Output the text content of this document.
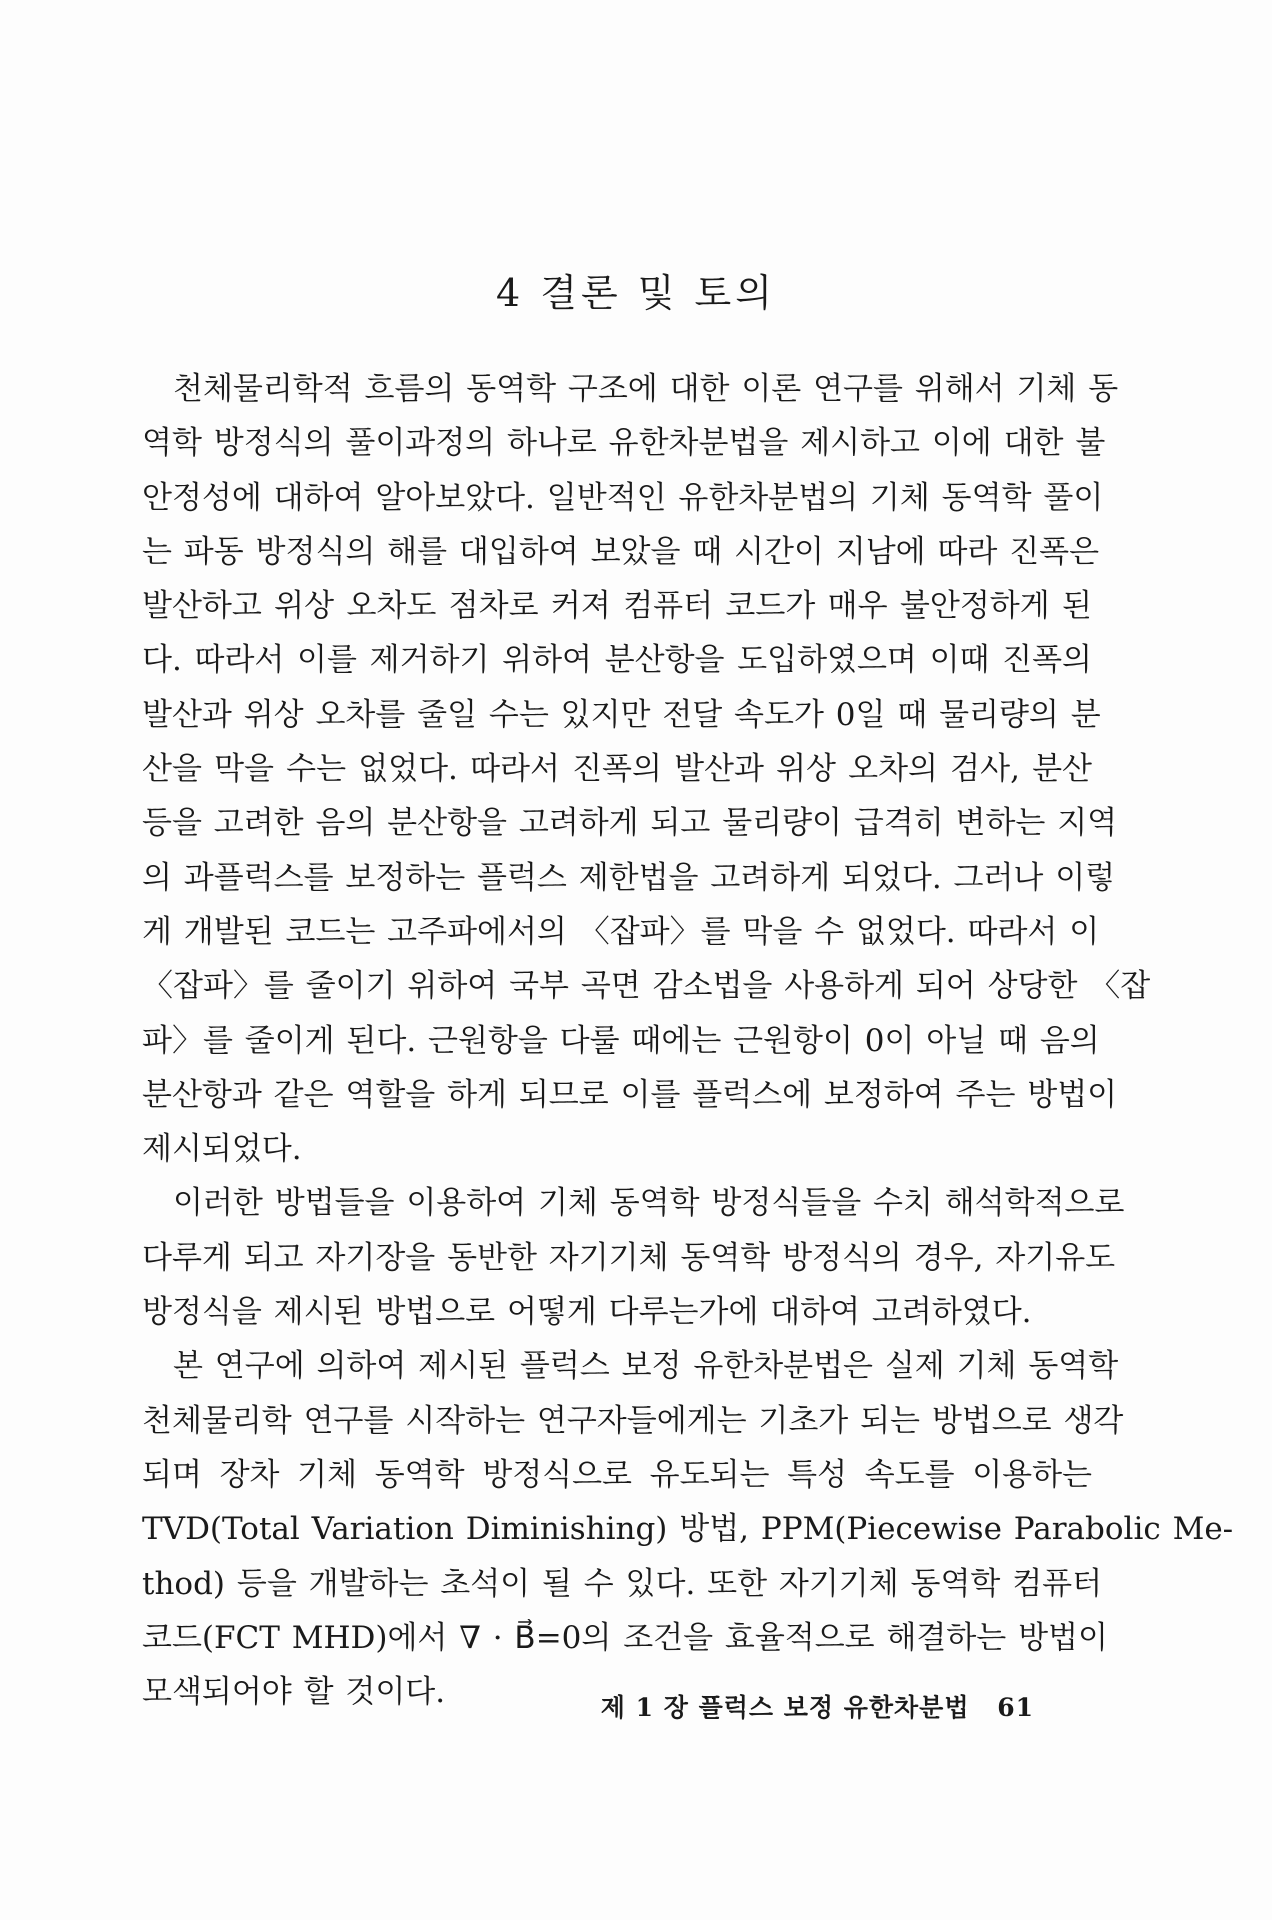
4 결론 및 토의

　천체물리학적 흐름의 동역학 구조에 대한 이론 연구를 위해서 기체 동
역학 방정식의 풀이과정의 하나로 유한차분법을 제시하고 이에 대한 불
안정성에 대하여 알아보았다. 일반적인 유한차분법의 기체 동역학 풀이
는 파동 방정식의 해를 대입하여 보았을 때 시간이 지남에 따라 진폭은
발산하고 위상 오차도 점차로 커져 컴퓨터 코드가 매우 불안정하게 된
다. 따라서 이를 제거하기 위하여 분산항을 도입하였으며 이때 진폭의
발산과 위상 오차를 줄일 수는 있지만 전달 속도가 0일 때 물리량의 분
산을 막을 수는 없었다. 따라서 진폭의 발산과 위상 오차의 검사, 분산
등을 고려한 음의 분산항을 고려하게 되고 물리량이 급격히 변하는 지역
의 과플럭스를 보정하는 플럭스 제한법을 고려하게 되었다. 그러나 이렇
게 개발된 코드는 고주파에서의 〈잡파〉를 막을 수 없었다. 따라서 이
〈잡파〉를 줄이기 위하여 국부 곡면 감소법을 사용하게 되어 상당한 〈잡
파〉를 줄이게 된다. 근원항을 다룰 때에는 근원항이 0이 아닐 때 음의
분산항과 같은 역할을 하게 되므로 이를 플럭스에 보정하여 주는 방법이
제시되었다.

　이러한 방법들을 이용하여 기체 동역학 방정식들을 수치 해석학적으로
다루게 되고 자기장을 동반한 자기기체 동역학 방정식의 경우, 자기유도
방정식을 제시된 방법으로 어떻게 다루는가에 대하여 고려하였다.

　본 연구에 의하여 제시된 플럭스 보정 유한차분법은 실제 기체 동역학
천체물리학 연구를 시작하는 연구자들에게는 기초가 되는 방법으로 생각
되며 장차 기체 동역학 방정식으로 유도되는 특성 속도를 이용하는
TVD(Total Variation Diminishing) 방법, PPM(Piecewise Parabolic Me-
thod) 등을 개발하는 초석이 될 수 있다. 또한 자기기체 동역학 컴퓨터
코드(FCT MHD)에서 ∇ · B⃗=0의 조건을 효율적으로 해결하는 방법이
모색되어야 할 것이다.	제 1 장 플럭스 보정 유한차분법 61
